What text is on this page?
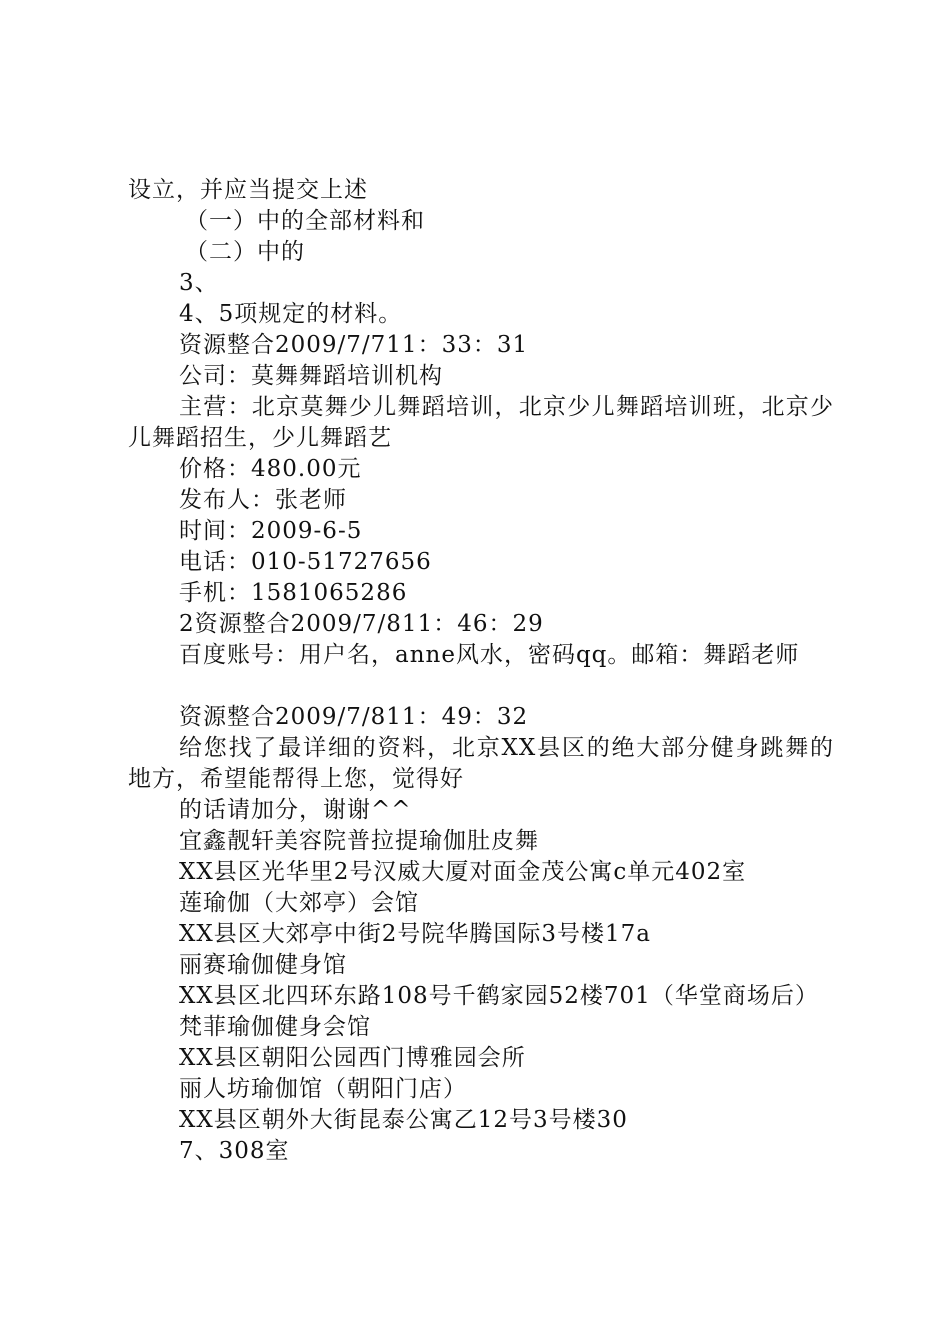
设立，并应当提交上述
（一）中的全部材料和
（二）中的
3、
4、5项规定的材料。
资源整合2009/7/711：33：31
公司：莫舞舞蹈培训机构
主营：北京莫舞少儿舞蹈培训，北京少儿舞蹈培训班，北京少儿舞蹈招生，少儿舞蹈艺
价格：480.00元
发布人：张老师
时间：2009-6-5
电话：010-51727656
手机：1581065286
2资源整合2009/7/811：46：29
百度账号：用户名，anne风水，密码qq。邮箱：舞蹈老师
资源整合2009/7/811：49：32
给您找了最详细的资料，北京XX县区的绝大部分健身跳舞的地方，希望能帮得上您，觉得好
的话请加分，谢谢^^
宜鑫靓轩美容院普拉提瑜伽肚皮舞
XX县区光华里2号汉威大厦对面金茂公寓c单元402室
莲瑜伽（大郊亭）会馆
XX县区大郊亭中街2号院华腾国际3号楼17a
丽赛瑜伽健身馆
XX县区北四环东路108号千鹤家园52楼701（华堂商场后）
梵菲瑜伽健身会馆
XX县区朝阳公园西门博雅园会所
丽人坊瑜伽馆（朝阳门店）
XX县区朝外大街昆泰公寓乙12号3号楼30
7、308室
